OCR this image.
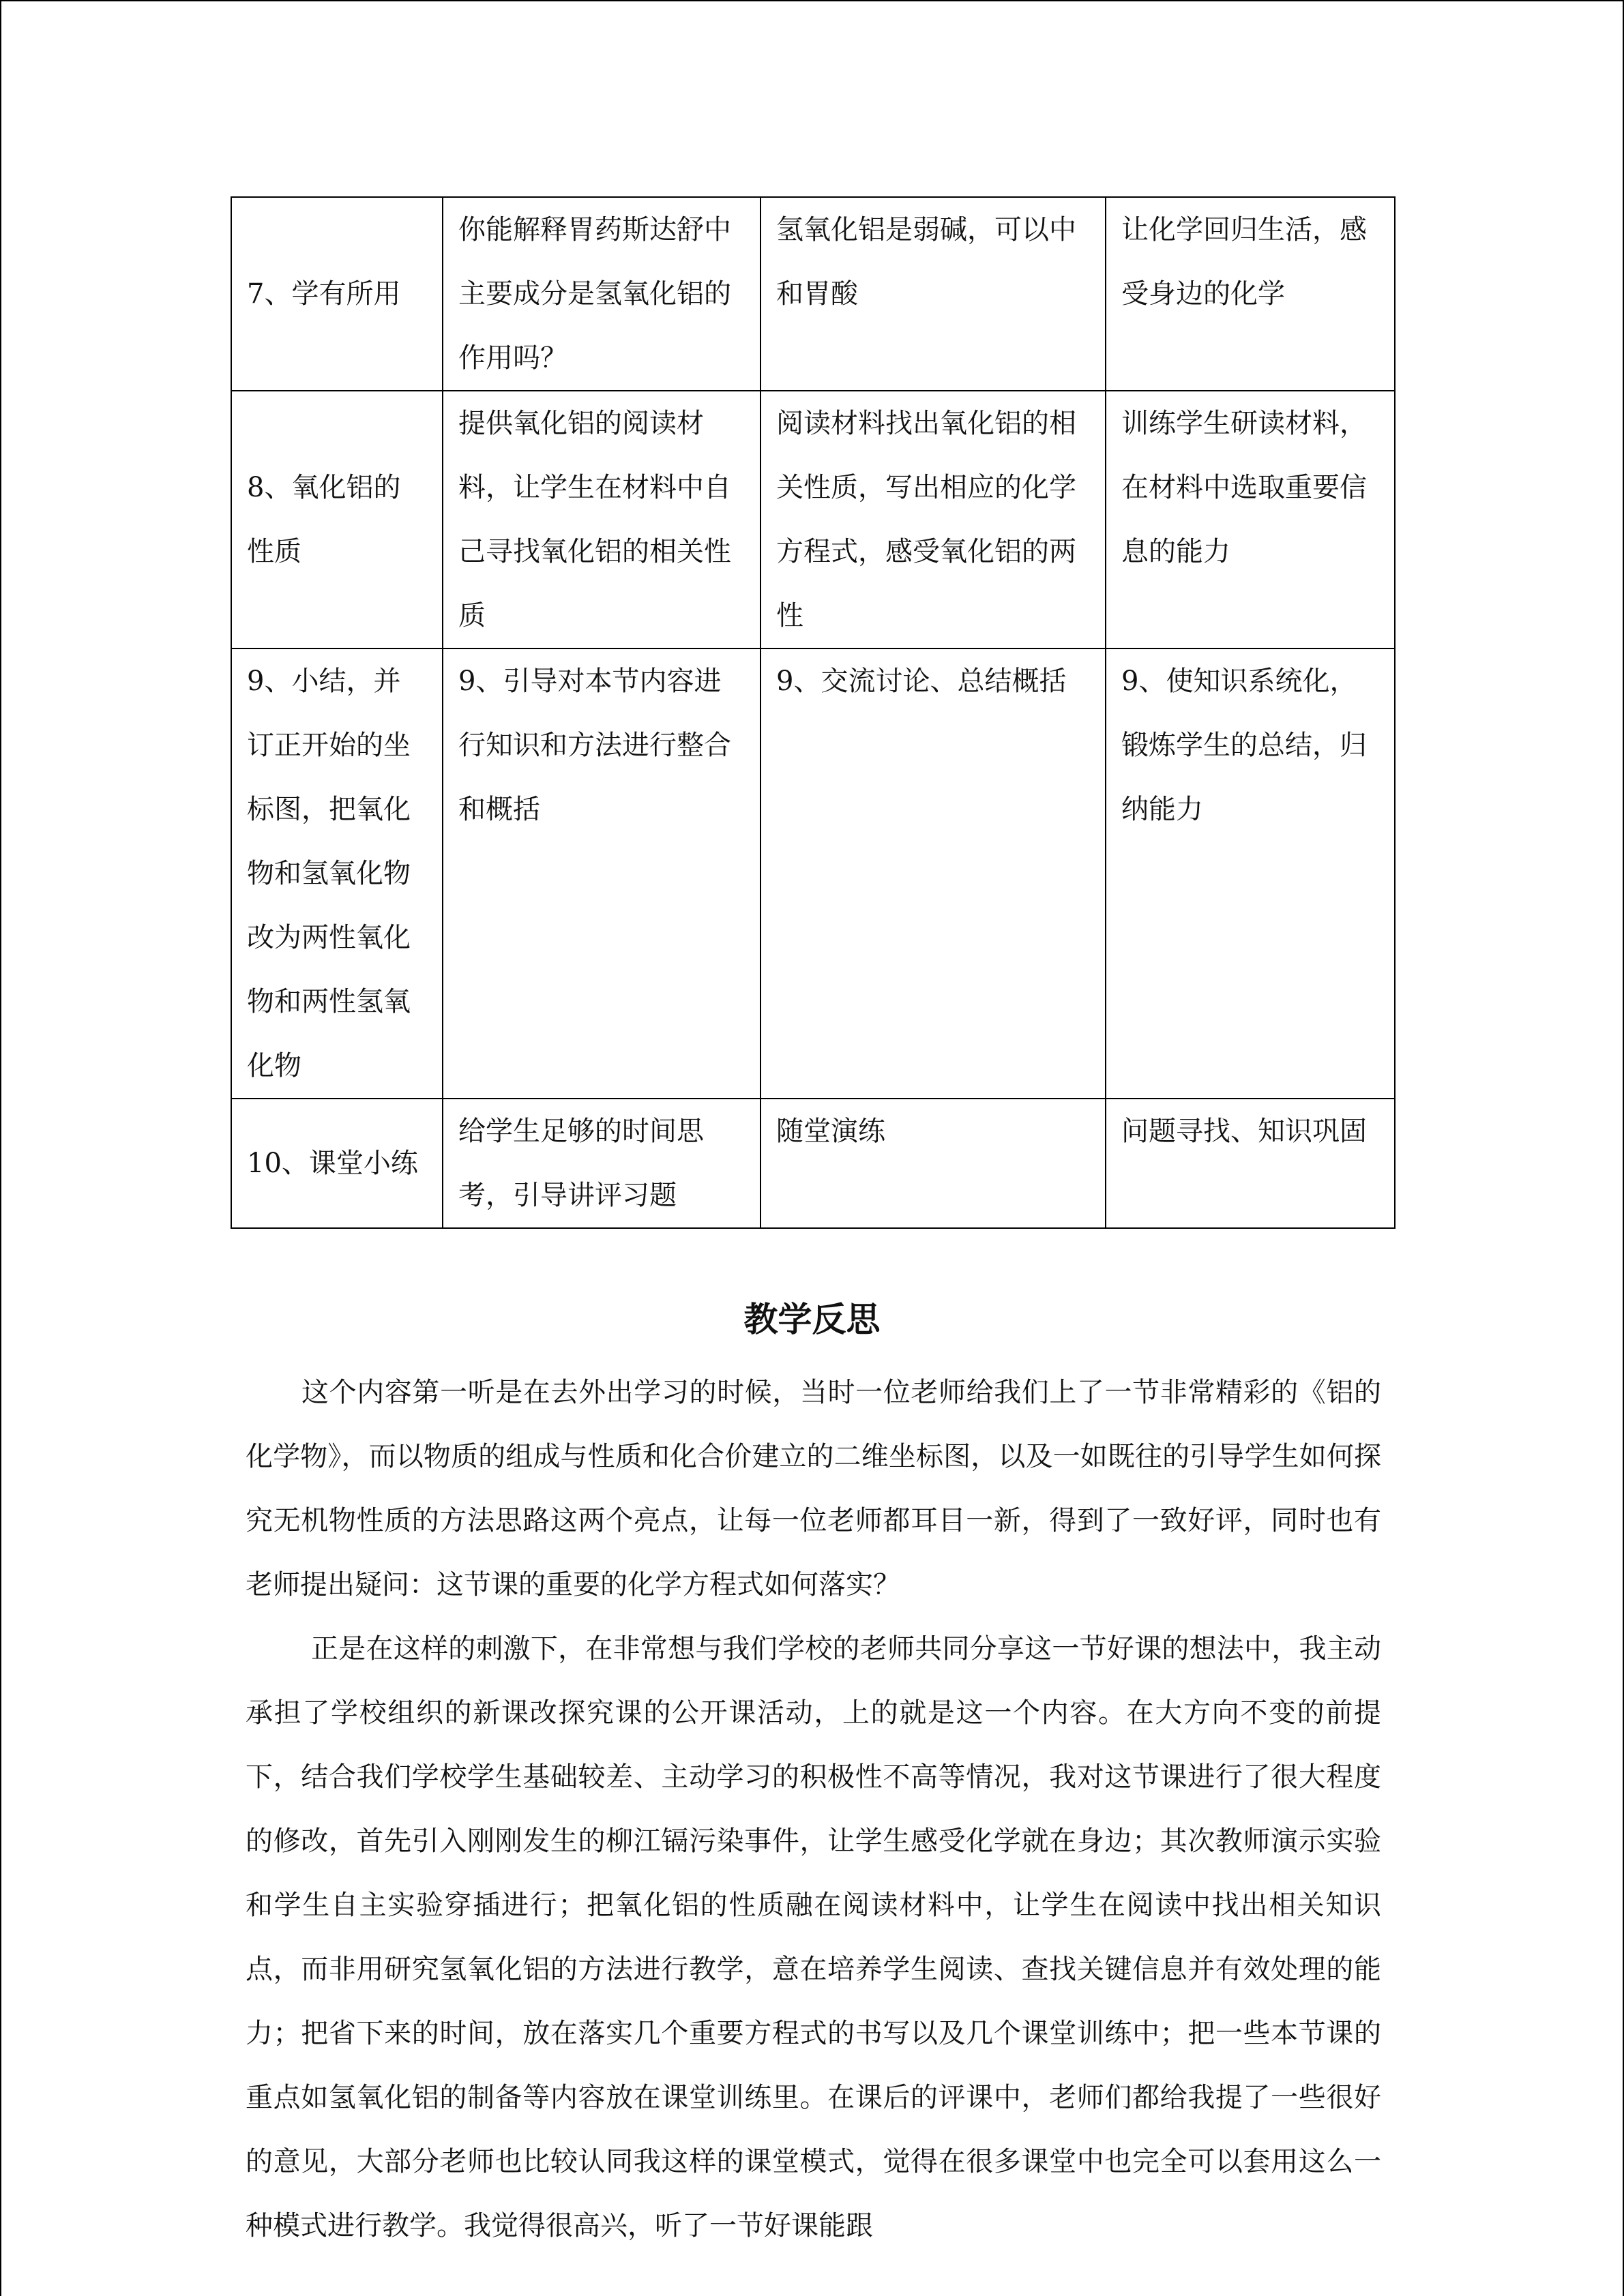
7、学有所用	你能解释胃药斯达舒中主要成分是氢氧化铝的作用吗？	氢氧化铝是弱碱，可以中和胃酸	让化学回归生活，感受身边的化学
8、氧化铝的性质	提供氧化铝的阅读材料，让学生在材料中自己寻找氧化铝的相关性质	阅读材料找出氧化铝的相关性质，写出相应的化学方程式，感受氧化铝的两性	训练学生研读材料，在材料中选取重要信息的能力
9、小结，并订正开始的坐标图，把氧化物和氢氧化物改为两性氧化物和两性氢氧化物	9、引导对本节内容进行知识和方法进行整合和概括	9、交流讨论、总结概括	9、使知识系统化，锻炼学生的总结，归纳能力
10、课堂小练	给学生足够的时间思考，引导讲评习题	随堂演练	问题寻找、知识巩固
教学反思

这个内容第一听是在去外出学习的时候，当时一位老师给我们上了一节非常精彩的《铝的化学物》，而以物质的组成与性质和化合价建立的二维坐标图，以及一如既往的引导学生如何探究无机物性质的方法思路这两个亮点，让每一位老师都耳目一新，得到了一致好评，同时也有老师提出疑问：这节课的重要的化学方程式如何落实？

正是在这样的刺激下，在非常想与我们学校的老师共同分享这一节好课的想法中，我主动承担了学校组织的新课改探究课的公开课活动，上的就是这一个内容。在大方向不变的前提下，结合我们学校学生基础较差、主动学习的积极性不高等情况，我对这节课进行了很大程度的修改，首先引入刚刚发生的柳江镉污染事件，让学生感受化学就在身边；其次教师演示实验和学生自主实验穿插进行；把氧化铝的性质融在阅读材料中，让学生在阅读中找出相关知识点，而非用研究氢氧化铝的方法进行教学，意在培养学生阅读、查找关键信息并有效处理的能力；把省下来的时间，放在落实几个重要方程式的书写以及几个课堂训练中；把一些本节课的重点如氢氧化铝的制备等内容放在课堂训练里。在课后的评课中，老师们都给我提了一些很好的意见，大部分老师也比较认同我这样的课堂模式，觉得在很多课堂中也完全可以套用这么一种模式进行教学。我觉得很高兴，听了一节好课能跟
